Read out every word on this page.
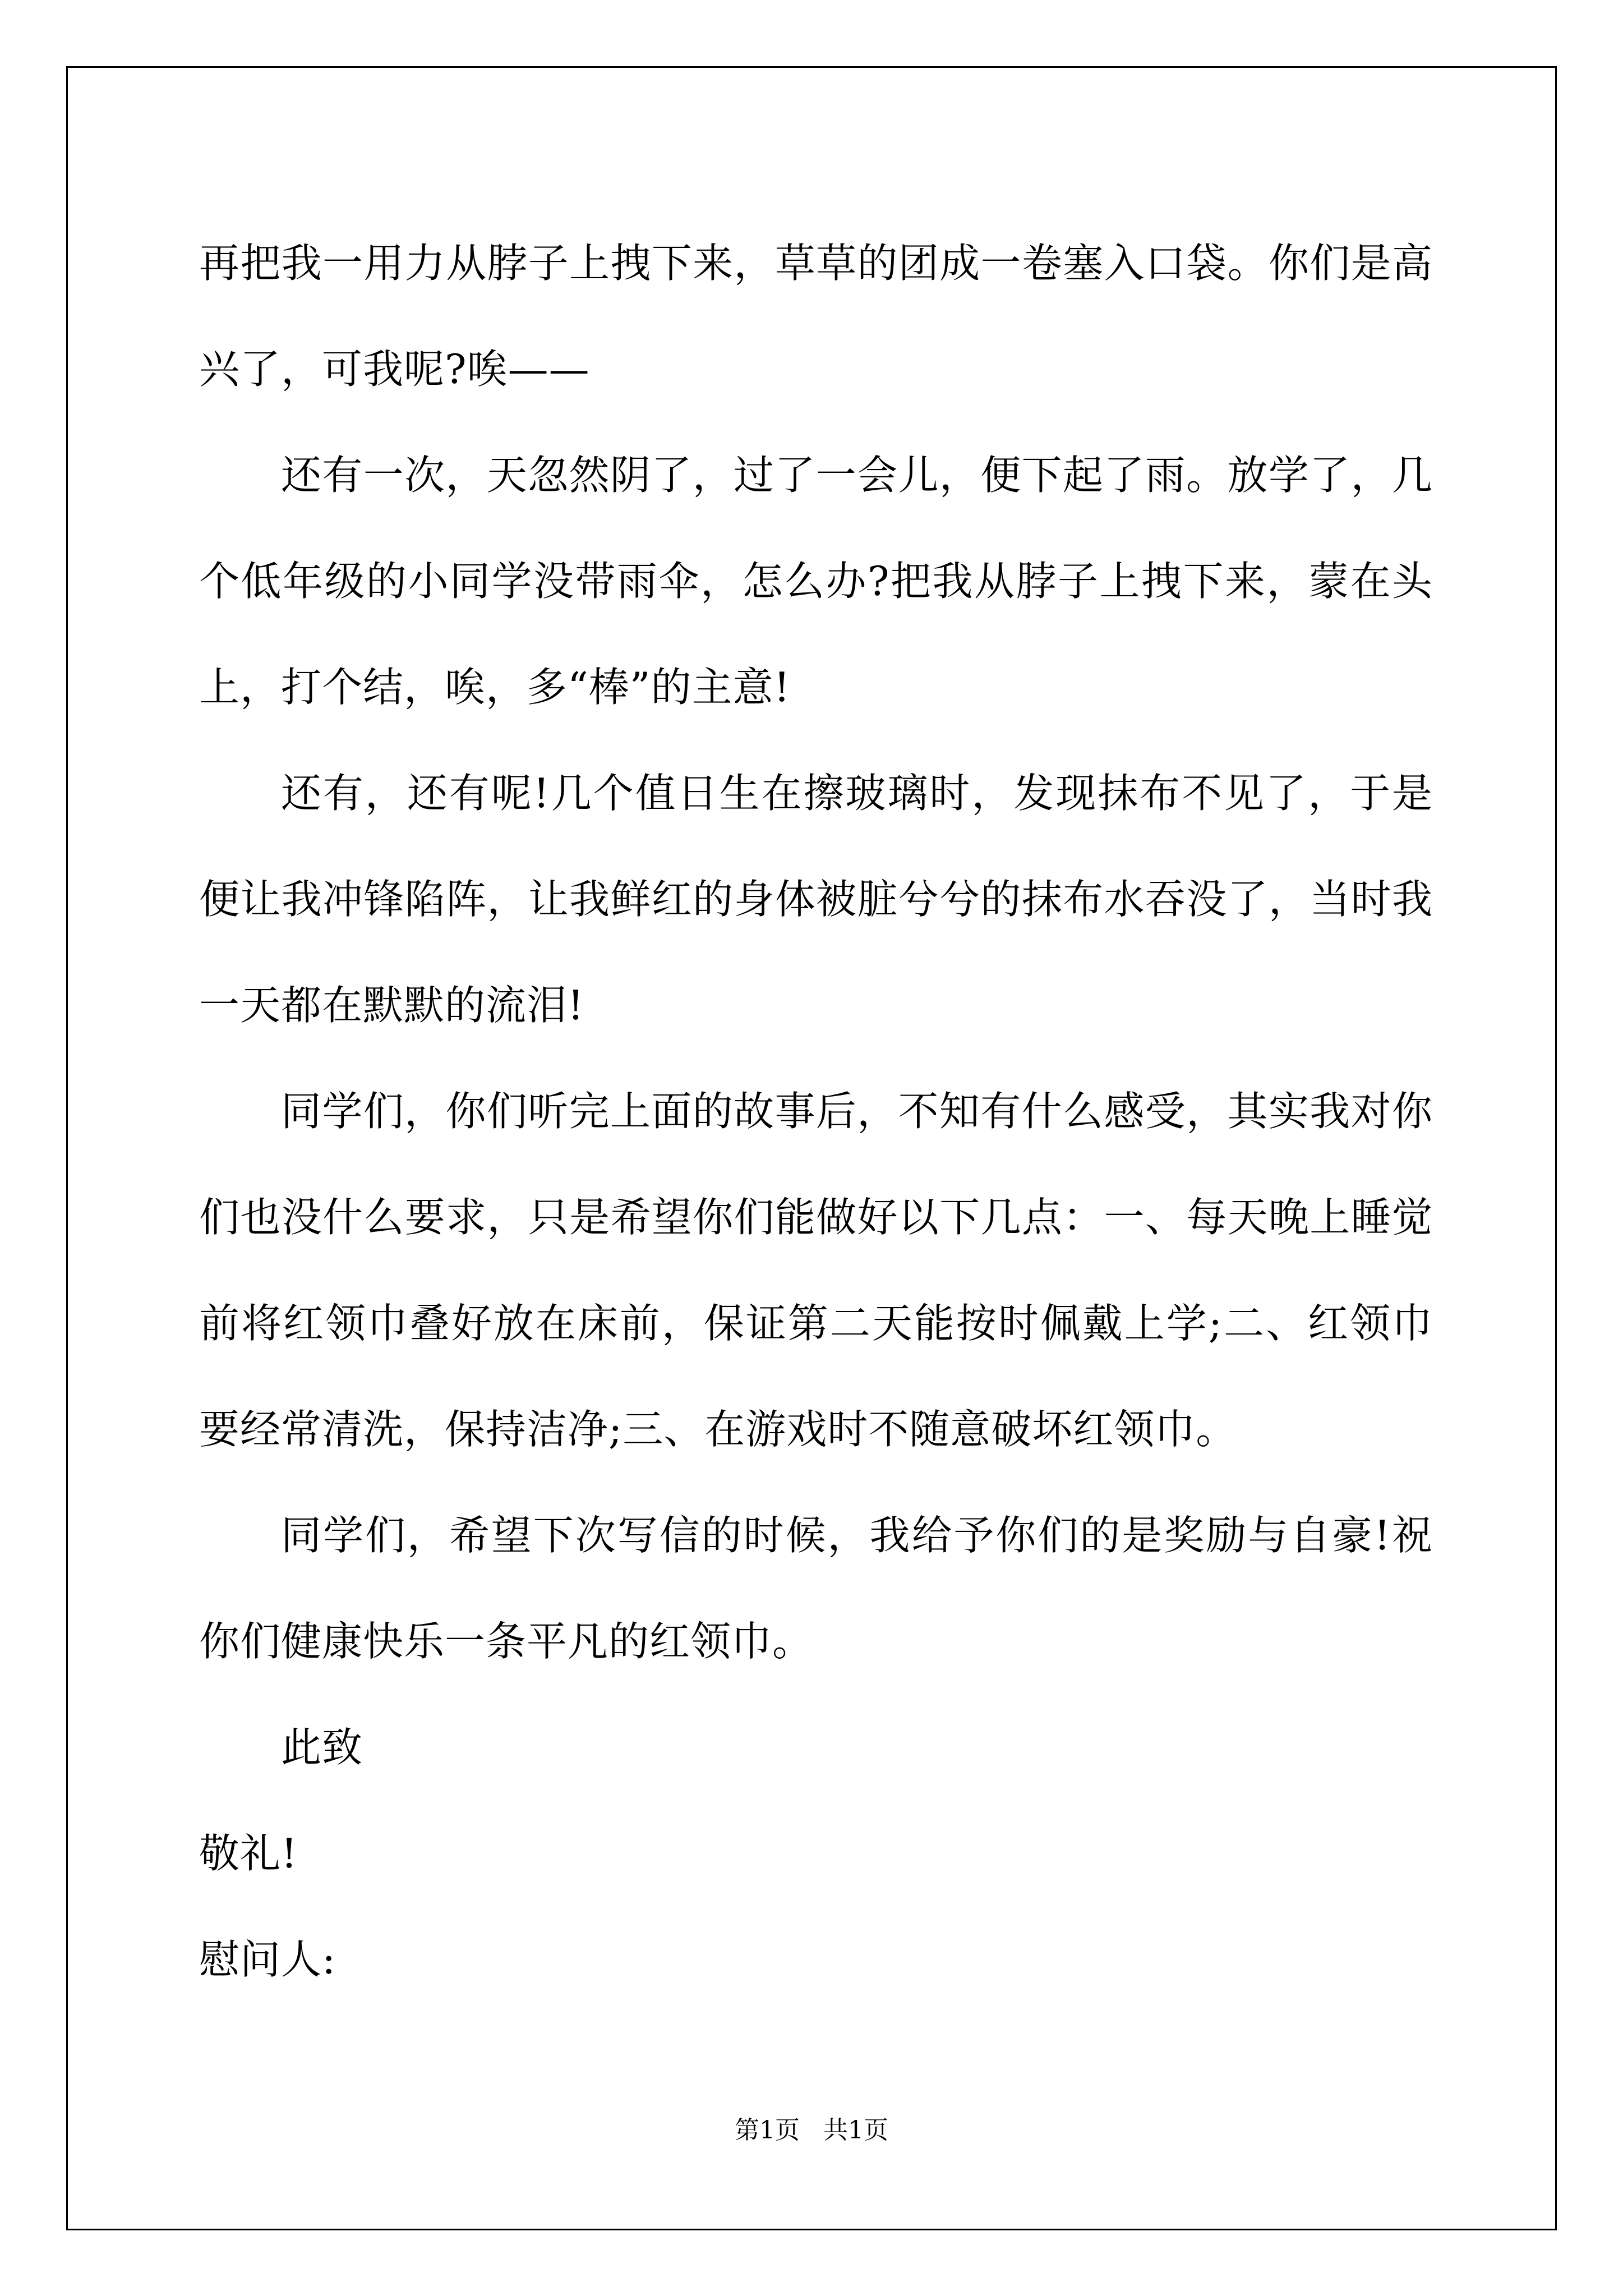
再把我一用力从脖子上拽下来，草草的团成一卷塞入口袋。你们是高兴了，可我呢?唉——

还有一次，天忽然阴了，过了一会儿，便下起了雨。放学了，几个低年级的小同学没带雨伞，怎么办?把我从脖子上拽下来，蒙在头上，打个结，唉，多“棒”的主意!

还有，还有呢!几个值日生在擦玻璃时，发现抹布不见了，于是便让我冲锋陷阵，让我鲜红的身体被脏兮兮的抹布水吞没了，当时我一天都在默默的流泪!

同学们，你们听完上面的故事后，不知有什么感受，其实我对你们也没什么要求，只是希望你们能做好以下几点：一、每天晚上睡觉前将红领巾叠好放在床前，保证第二天能按时佩戴上学;二、红领巾要经常清洗，保持洁净;三、在游戏时不随意破坏红领巾。

同学们，希望下次写信的时候，我给予你们的是奖励与自豪!祝你们健康快乐一条平凡的红领巾。

此致

敬礼!

慰问人:

第1页   共1页
